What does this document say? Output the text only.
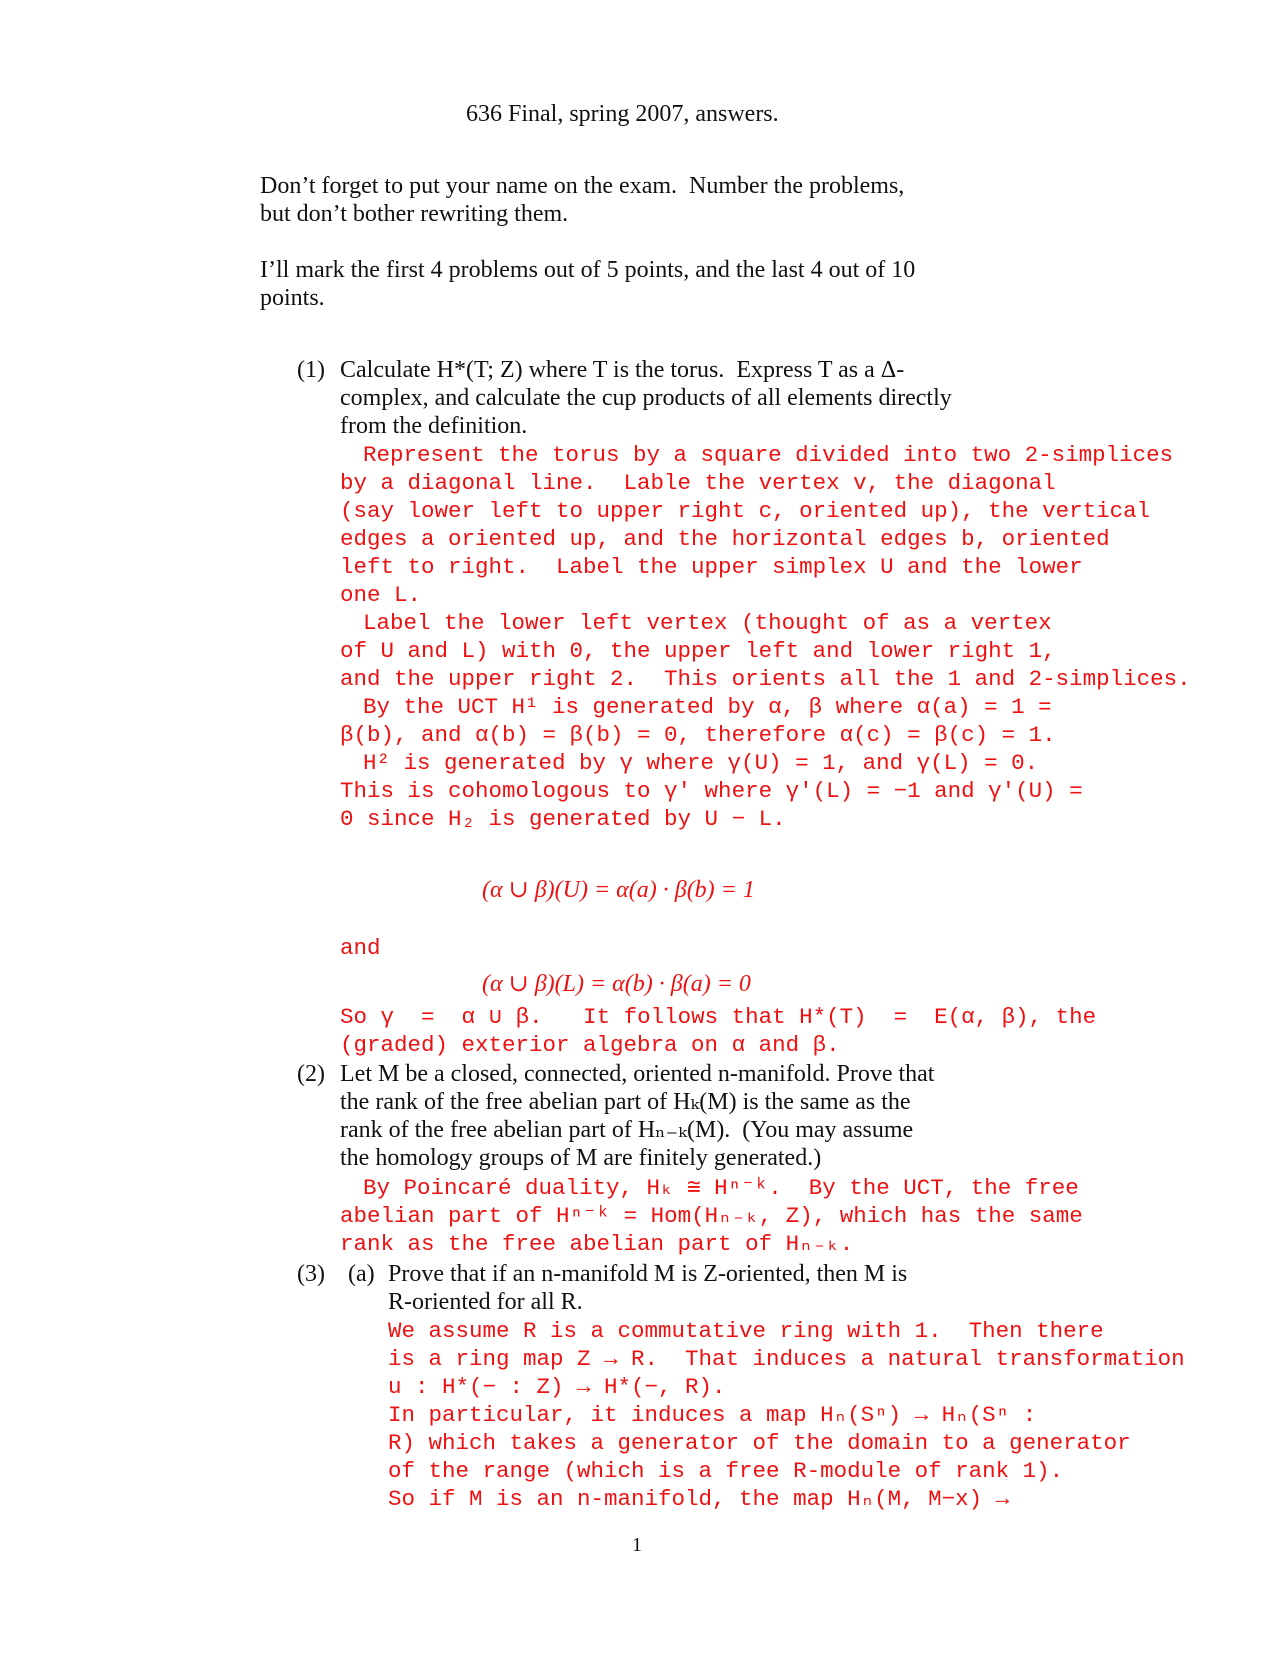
636 Final, spring 2007, answers.
Don’t forget to put your name on the exam.  Number the problems,
but don’t bother rewriting them.
I’ll mark the first 4 problems out of 5 points, and the last 4 out of 10
points.
(1) Calculate H*(T; Z) where T is the torus.  Express T as a Δ-
complex, and calculate the cup products of all elements directly
from the definition.
Represent the torus by a square divided into two 2-simplices
by a diagonal line.  Lable the vertex v, the diagonal
(say lower left to upper right c, oriented up), the vertical
edges a oriented up, and the horizontal edges b, oriented
left to right.  Label the upper simplex U and the lower
one L.
Label the lower left vertex (thought of as a vertex
of U and L) with 0, the upper left and lower right 1,
and the upper right 2.  This orients all the 1 and 2-simplices.
By the UCT H¹ is generated by α, β where α(a) = 1 =
β(b), and α(b) = β(b) = 0, therefore α(c) = β(c) = 1.
H² is generated by γ where γ(U) = 1, and γ(L) = 0.
This is cohomologous to γ′ where γ′(L) = −1 and γ′(U) =
0 since H₂ is generated by U − L.
(α ∪ β)(U) = α(a) · β(b) = 1
and
(α ∪ β)(L) = α(b) · β(a) = 0
So γ  =  α ∪ β.   It follows that H*(T)  =  E(α, β), the
(graded) exterior algebra on α and β.
(2) Let M be a closed, connected, oriented n-manifold. Prove that
the rank of the free abelian part of Hₖ(M) is the same as the
rank of the free abelian part of Hₙ₋ₖ(M).  (You may assume
the homology groups of M are finitely generated.)
By Poincaré duality, Hₖ ≅ Hⁿ⁻ᵏ.  By the UCT, the free
abelian part of Hⁿ⁻ᵏ = Hom(Hₙ₋ₖ, Z), which has the same
rank as the free abelian part of Hₙ₋ₖ.
(3) (a) Prove that if an n-manifold M is Z-oriented, then M is
R-oriented for all R.
We assume R is a commutative ring with 1.  Then there
is a ring map Z → R.  That induces a natural transformation
u : H*(− : Z) → H*(−, R).
In particular, it induces a map Hₙ(Sⁿ) → Hₙ(Sⁿ :
R) which takes a generator of the domain to a generator
of the range (which is a free R-module of rank 1).
So if M is an n-manifold, the map Hₙ(M, M−x) →
1
